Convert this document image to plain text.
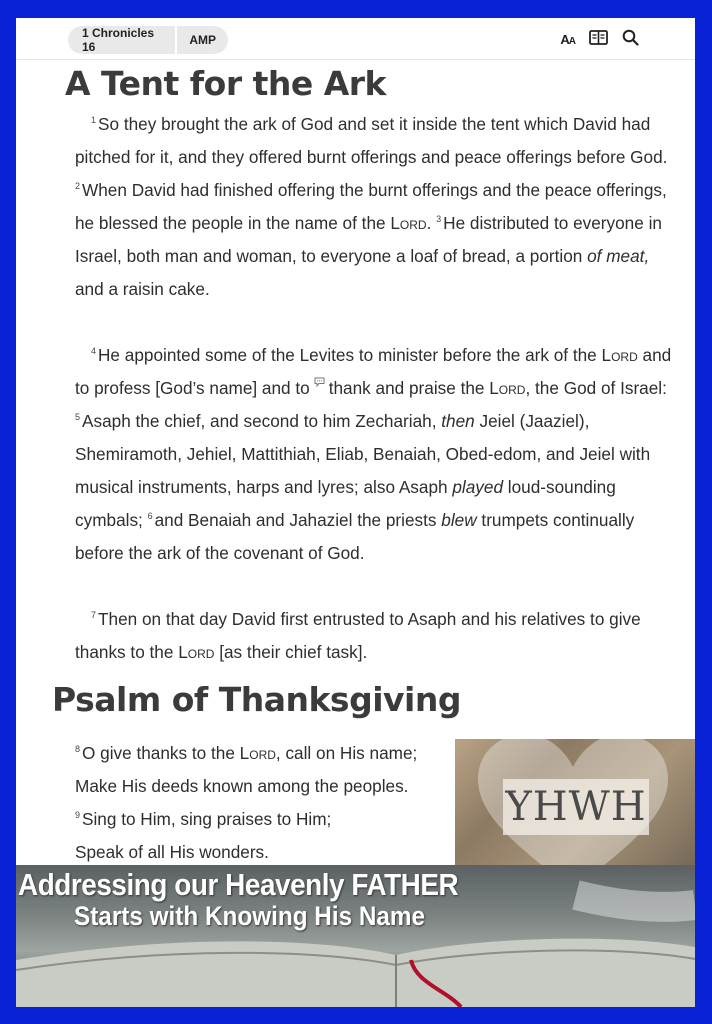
1 Chronicles 16	AMP	AA
A Tent for the Ark

$^1$ So they brought the ark of God and set it inside the tent which David had pitched for it, and they offered burnt offerings and peace offerings before God. $^2$ When David had finished offering the burnt offerings and the peace offerings, he blessed the people in the name of the Lord. $^3$ He distributed to everyone in Israel, both man and woman, to everyone a loaf of bread, a portion of meat, and a raisin cake.

$^4$ He appointed some of the Levites to minister before the ark of the Lord and to profess [God’s name] and to thank and praise the Lord, the God of Israel: $^5$ Asaph the chief, and second to him Zechariah, then Jeiel (Jaaziel), Shemiramoth, Jehiel, Mattithiah, Eliab, Benaiah, Obed-edom, and Jeiel with musical instruments, harps and lyres; also Asaph played loud-sounding cymbals; $^6$ and Benaiah and Jahaziel the priests blew trumpets continually before the ark of the covenant of God.

$^7$ Then on that day David first entrusted to Asaph and his relatives to give thanks to the Lord [as their chief task].

Psalm of Thanksgiving
$^8$ O give thanks to the Lord, call on His name;
Make His deeds known among the peoples.
$^9$ Sing to Him, sing praises to Him;
Speak of all His wonders.
YHWH

Addressing our Heavenly FATHER

Starts with Knowing His Name
